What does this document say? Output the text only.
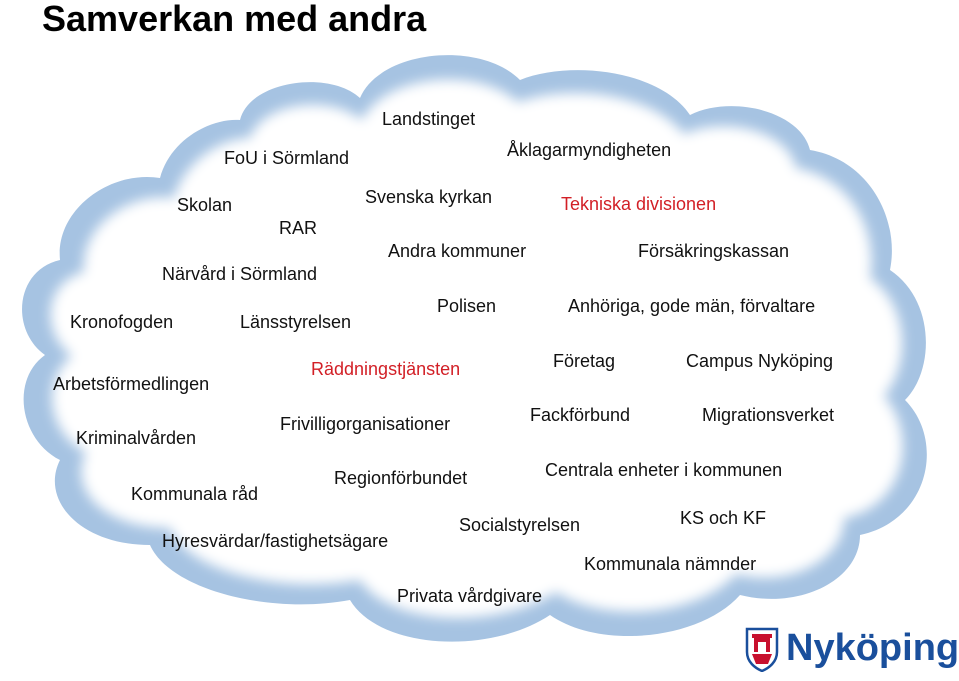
Samverkan med andra
Landstinget
FoU i Sörmland	Åklagarmyndigheten
Skolan	Svenska kyrkan	Tekniska divisionen
RAR
Andra kommuner	Försäkringskassan
Närvård i Sörmland
Polisen	Anhöriga, gode män, förvaltare
Kronofogden	Länsstyrelsen
Räddningstjänsten	Företag	Campus Nyköping
Arbetsförmedlingen
Frivilligorganisationer	Fackförbund	Migrationsverket
Kriminalvården
Regionförbundet	Centrala enheter i kommunen
Kommunala råd
Socialstyrelsen	KS och KF
Hyresvärdar/fastighetsägare
Kommunala nämnder
Privata vårdgivare
Nyköping
